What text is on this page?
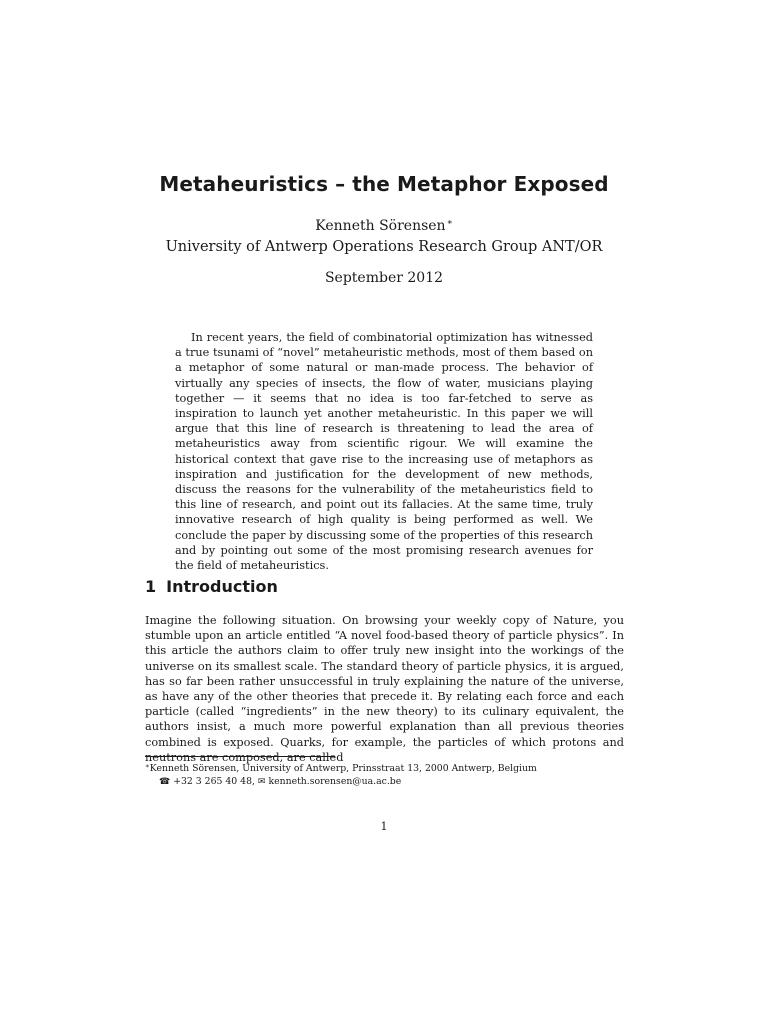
Metaheuristics – the Metaphor Exposed
Kenneth Sörensen∗
University of Antwerp Operations Research Group ANT/OR
September 2012
In recent years, the field of combinatorial optimization has witnessed a true tsunami of “novel” metaheuristic methods, most of them based on a metaphor of some natural or man-made process. The behavior of virtually any species of insects, the flow of water, musicians playing together — it seems that no idea is too far-fetched to serve as inspiration to launch yet another metaheuristic. In this paper we will argue that this line of research is threatening to lead the area of metaheuristics away from scientific rigour. We will examine the historical context that gave rise to the increasing use of metaphors as inspiration and justification for the development of new methods, discuss the reasons for the vulnerability of the metaheuristics field to this line of research, and point out its fallacies. At the same time, truly innovative research of high quality is being performed as well. We conclude the paper by discussing some of the properties of this research and by pointing out some of the most promising research avenues for the field of metaheuristics.
1 Introduction
Imagine the following situation. On browsing your weekly copy of Nature, you stumble upon an article entitled “A novel food-based theory of particle physics”. In this article the authors claim to offer truly new insight into the workings of the universe on its smallest scale. The standard theory of particle physics, it is argued, has so far been rather unsuccessful in truly explaining the nature of the universe, as have any of the other theories that precede it. By relating each force and each particle (called “ingredients” in the new theory) to its culinary equivalent, the authors insist, a much more powerful explanation than all previous theories combined is exposed. Quarks, for example, the particles of which protons and neutrons are composed, are called
∗Kenneth Sörensen, University of Antwerp, Prinsstraat 13, 2000 Antwerp, Belgium
☎ +32 3 265 40 48, ✉ kenneth.sorensen@ua.ac.be
1
